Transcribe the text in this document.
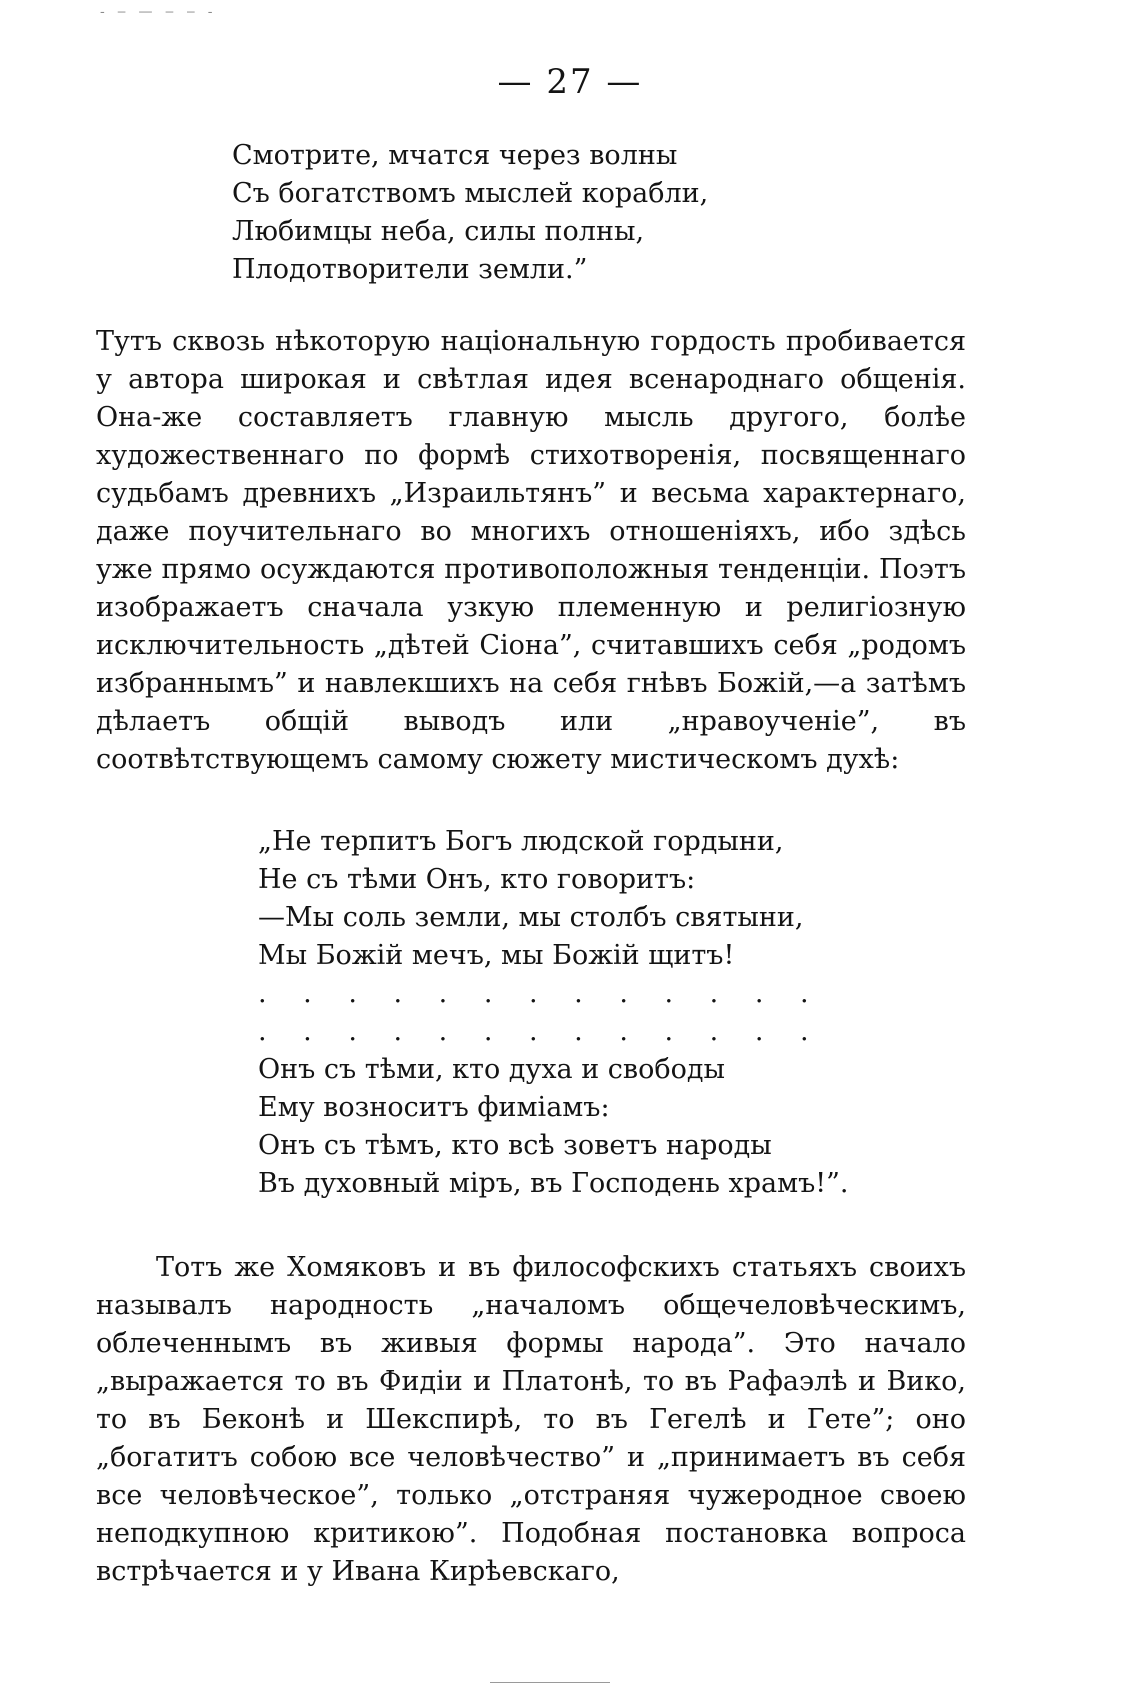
- ‒ — ‒ ‒ -
— 27 —
Смотрите, мчатся через волны
Съ богатствомъ мыслей корабли,
Любимцы неба, силы полны,
Плодотворители земли.”
Тутъ сквозь нѣкоторую національную гордость пробивается у автора широкая и свѣтлая идея всенароднаго общенія. Она-же составляетъ главную мысль другого, болѣе художественнаго по формѣ стихотворенія, посвященнаго судьбамъ древнихъ „Израильтянъ” и весьма характернаго, даже поучительнаго во многихъ отношеніяхъ, ибо здѣсь уже прямо осуждаются противоположныя тенденціи. Поэтъ изображаетъ сначала узкую племенную и религіозную исключительность „дѣтей Сіона”, считавшихъ себя „родомъ избраннымъ” и навлекшихъ на себя гнѣвъ Божій,—а затѣмъ дѣлаетъ общій выводъ или „нравоученіе”, въ соотвѣтствующемъ самому сюжету мистическомъ духѣ:
„Не терпитъ Богъ людской гордыни,
Не съ тѣми Онъ, кто говоритъ:
—Мы соль земли, мы столбъ святыни,
Мы Божій мечъ, мы Божій щитъ!
. . . . . . . . . . . . .
. . . . . . . . . . . . .
Онъ съ тѣми, кто духа и свободы
Ему возноситъ фиміамъ:
Онъ съ тѣмъ, кто всѣ зоветъ народы
Въ духовный міръ, въ Господень храмъ!”.
Тотъ же Хомяковъ и въ философскихъ статьяхъ своихъ называлъ народность „началомъ общечеловѣческимъ, облеченнымъ въ живыя формы народа”. Это начало „выражается то въ Фидіи и Платонѣ, то въ Рафаэлѣ и Вико, то въ Беконѣ и Шекспирѣ, то въ Гегелѣ и Гете”; оно „богатитъ собою все человѣчество” и „принимаетъ въ себя все человѣческое”, только „отстраняя чужеродное своею неподкупною критикою”. Подобная постановка вопроса встрѣчается и у Ивана Кирѣевскаго,
